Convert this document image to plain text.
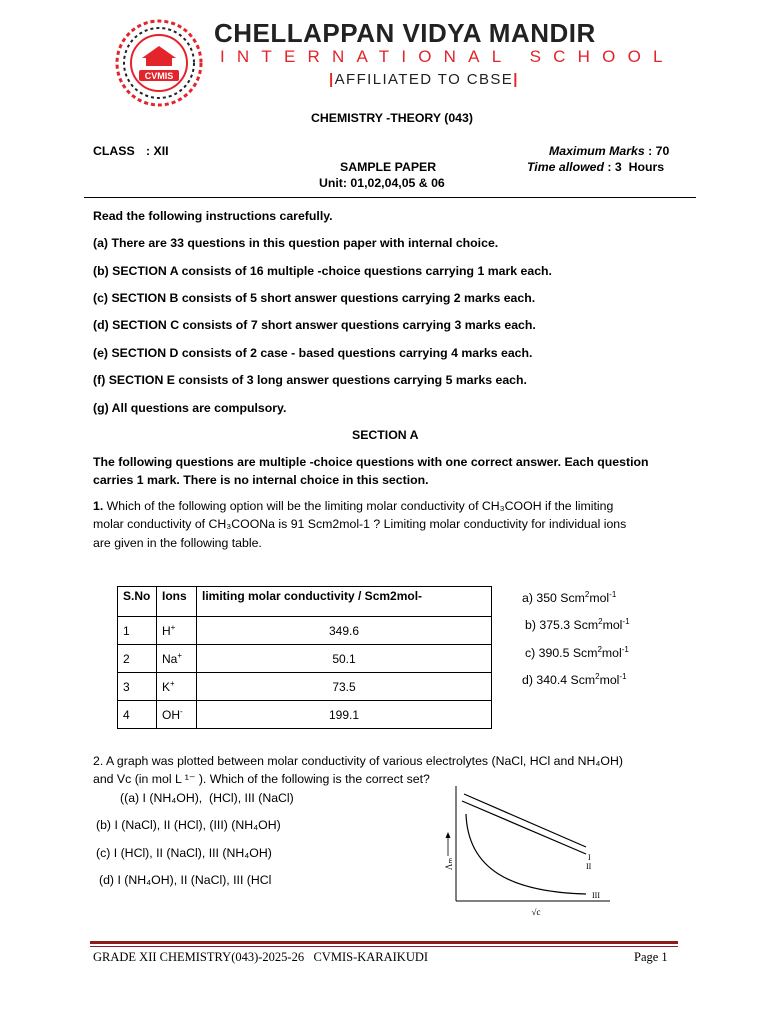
CVMIS
CHELLAPPAN VIDYA MANDIR
INTERNATIONAL SCHOOL
|AFFILIATED TO CBSE|
CHEMISTRY -THEORY (043)
CLASS : XII
SAMPLE PAPER
Unit: 01,02,04,05 & 06
Maximum Marks : 70
Time allowed : 3  Hours
Read the following instructions carefully.
(a) There are 33 questions in this question paper with internal choice.
(b) SECTION A consists of 16 multiple -choice questions carrying 1 mark each.
(c) SECTION B consists of 5 short answer questions carrying 2 marks each.
(d) SECTION C consists of 7 short answer questions carrying 3 marks each.
(e) SECTION D consists of 2 case - based questions carrying 4 marks each.
(f) SECTION E consists of 3 long answer questions carrying 5 marks each.
(g) All questions are compulsory.
SECTION A
The following questions are multiple -choice questions with one correct answer. Each question
carries 1 mark. There is no internal choice in this section.
1. Which of the following option will be the limiting molar conductivity of CH₃COOH if the limiting
molar conductivity of CH₃COONa is 91 Scm2mol-1 ? Limiting molar conductivity for individual ions
are given in the following table.
S.No	Ions	limiting molar conductivity / Scm2mol-
1	H+	349.6
2	Na+	50.1
3	K+	73.5
4	OH-	199.1
a) 350 Scm$^2$mol$^{-1}$
b) 375.3 Scm$^2$mol$^{-1}$
c) 390.5 Scm$^2$mol$^{-1}$
d) 340.4 Scm$^2$mol$^{-1}$
2. A graph was plotted between molar conductivity of various electrolytes (NaCl, HCl and NH₄OH)
and Vc (in mol L ¹⁻ ). Which of the following is the correct set?
((a) I (NH₄OH),  (HCl), III (NaCl)
(b) I (NaCl), II (HCl), (III) (NH₄OH)
(c) I (HCl), II (NaCl), III (NH₄OH)
(d) I (NH₄OH), II (NaCl), III (HCl
Λₘ
√c
I
II
III
GRADE XII CHEMISTRY(043)-2025-26   CVMIS-KARAIKUDI	Page 1
